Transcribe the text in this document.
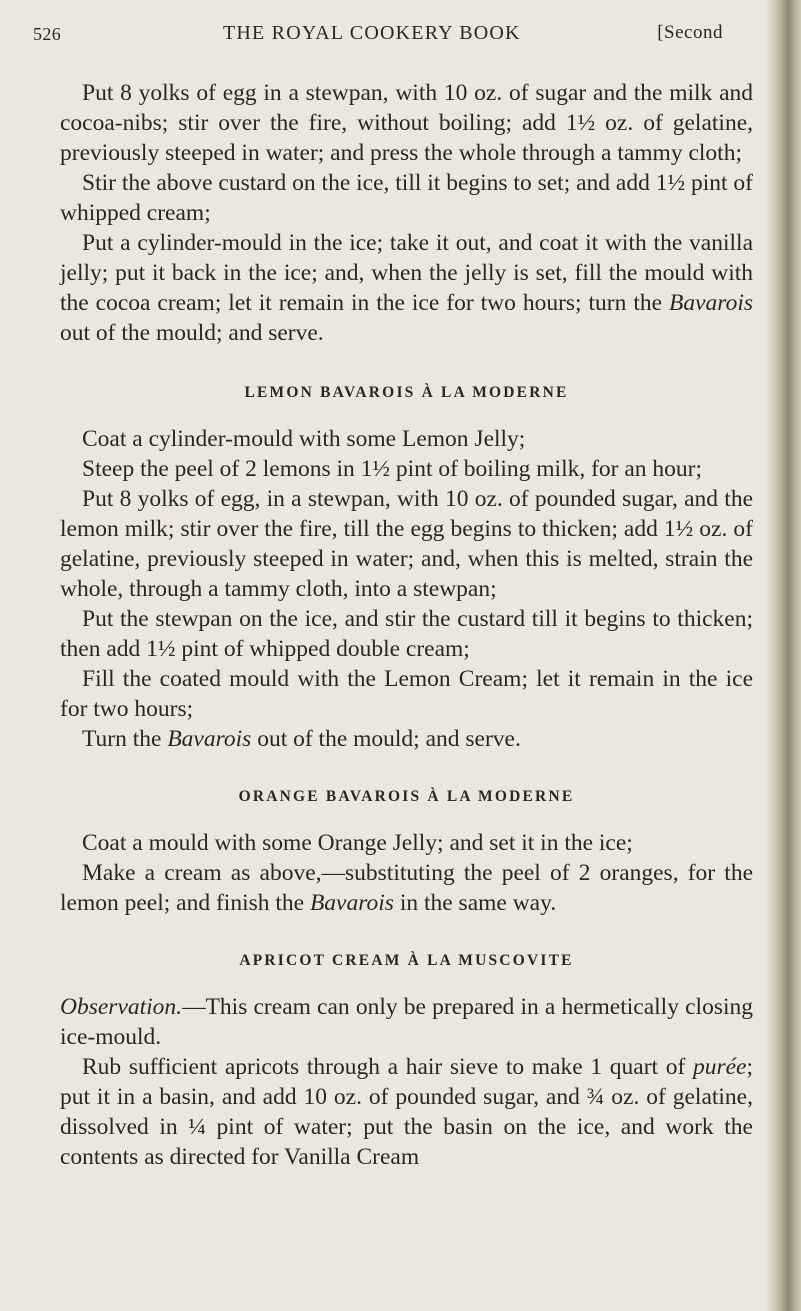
526	THE ROYAL COOKERY BOOK	[Second

Put 8 yolks of egg in a stewpan, with 10 oz. of sugar and the milk and cocoa-nibs; stir over the fire, without boiling; add 1½ oz. of gelatine, previously steeped in water; and press the whole through a tammy cloth;

Stir the above custard on the ice, till it begins to set; and add 1½ pint of whipped cream;

Put a cylinder-mould in the ice; take it out, and coat it with the vanilla jelly; put it back in the ice; and, when the jelly is set, fill the mould with the cocoa cream; let it remain in the ice for two hours; turn the Bavarois out of the mould; and serve.

LEMON BAVAROIS À LA MODERNE

Coat a cylinder-mould with some Lemon Jelly;

Steep the peel of 2 lemons in 1½ pint of boiling milk, for an hour;

Put 8 yolks of egg, in a stewpan, with 10 oz. of pounded sugar, and the lemon milk; stir over the fire, till the egg begins to thicken; add 1½ oz. of gelatine, previously steeped in water; and, when this is melted, strain the whole, through a tammy cloth, into a stewpan;

Put the stewpan on the ice, and stir the custard till it begins to thicken; then add 1½ pint of whipped double cream;

Fill the coated mould with the Lemon Cream; let it remain in the ice for two hours;

Turn the Bavarois out of the mould; and serve.

ORANGE BAVAROIS À LA MODERNE

Coat a mould with some Orange Jelly; and set it in the ice;

Make a cream as above,—substituting the peel of 2 oranges, for the lemon peel; and finish the Bavarois in the same way.

APRICOT CREAM À LA MUSCOVITE

Observation.—This cream can only be prepared in a hermetically closing ice-mould.

Rub sufficient apricots through a hair sieve to make 1 quart of purée; put it in a basin, and add 10 oz. of pounded sugar, and ¾ oz. of gelatine, dissolved in ¼ pint of water; put the basin on the ice, and work the contents as directed for Vanilla Cream
